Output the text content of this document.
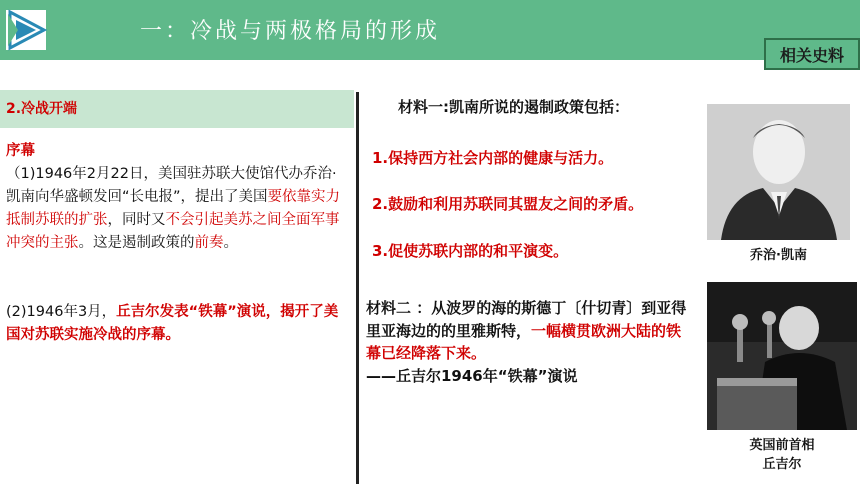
一：冷战与两极格局的形成
相关史料
2.冷战开端
序幕
（1)1946年2月22日，美国驻苏联大使馆代办乔治·凯南向华盛顿发回“长电报”，提出了美国要依靠实力抵制苏联的扩张，同时又不会引起美苏之间全面军事冲突的主张。这是遏制政策的前奏。
(2)1946年3月，丘吉尔发表“铁幕”演说，揭开了美国对苏联实施冷战的序幕。
材料一:凯南所说的遏制政策包括：
1.保持西方社会内部的健康与活力。
2.鼓励和利用苏联同其盟友之间的矛盾。
3.促使苏联内部的和平演变。
材料二 ：从波罗的海的斯德丁〔什切青〕到亚得里亚海边的的里雅斯特，一幅横贯欧洲大陆的铁幕已经降落下来。
——丘吉尔1946年“铁幕”演说
乔治·凯南
英国前首相
丘吉尔
